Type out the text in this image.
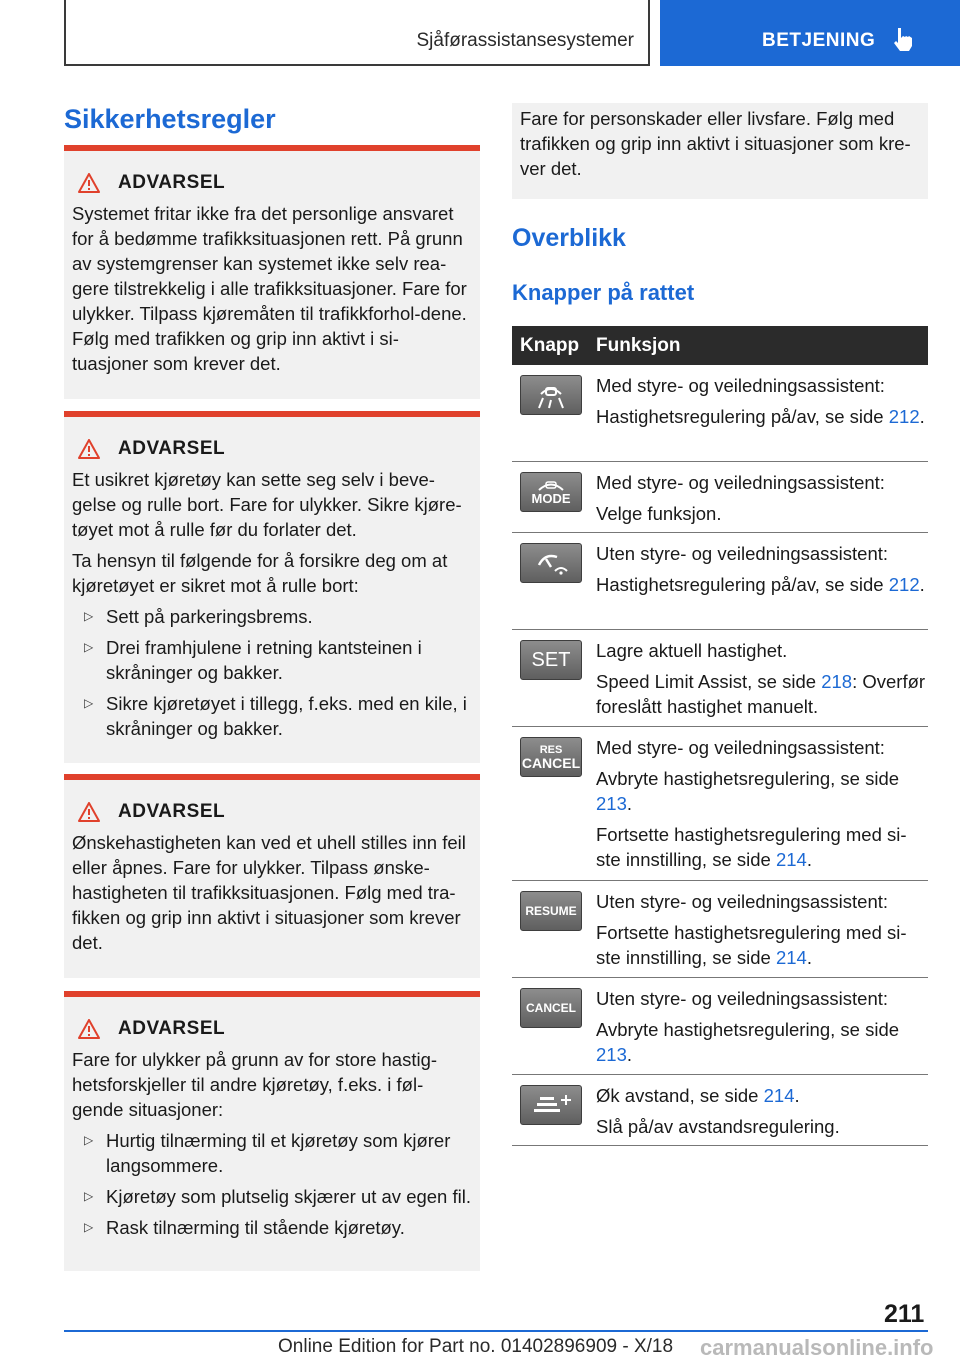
Sjåførassistansesystemer	BETJENING
Sikkerhetsregler
ADVARSEL

Systemet fritar ikke fra det personlige ansvaret for å bedømme trafikksituasjonen rett. På grunn av systemgrenser kan systemet ikke selv rea-gere tilstrekkelig i alle trafikksituasjoner. Fare for ulykker. Tilpass kjøremåten til trafikkforhol-dene. Følg med trafikken og grip inn aktivt i si-tuasjoner som krever det.

ADVARSEL

Et usikret kjøretøy kan sette seg selv i beve-gelse og rulle bort. Fare for ulykker. Sikre kjøre-tøyet mot å rulle før du forlater det.

Ta hensyn til følgende for å forsikre deg om at kjøretøyet er sikret mot å rulle bort:

▷ Sett på parkeringsbrems.
▷ Drei framhjulene i retning kantsteinen i skråninger og bakker.
▷ Sikre kjøretøyet i tillegg, f.eks. med en kile, i skråninger og bakker.
ADVARSEL

Ønskehastigheten kan ved et uhell stilles inn feil eller åpnes. Fare for ulykker. Tilpass ønske-hastigheten til trafikksituasjonen. Følg med tra-fikken og grip inn aktivt i situasjoner som krever det.

ADVARSEL

Fare for ulykker på grunn av for store hastig-hetsforskjeller til andre kjøretøy, f.eks. i føl-gende situasjoner:

▷ Hurtig tilnærming til et kjøretøy som kjører langsommere.
▷ Kjøretøy som plutselig skjærer ut av egen fil.
▷ Rask tilnærming til stående kjøretøy.

Fare for personskader eller livsfare. Følg med trafikken og grip inn aktivt i situasjoner som kre-ver det.

Overblikk
Knapper på rattet
Knapp Funksjon

Med styre- og veiledningsassistent:

Hastighetsregulering på/av, se side 212.

MODE

Med styre- og veiledningsassistent:

Velge funksjon.

Uten styre- og veiledningsassistent:

Hastighetsregulering på/av, se side 212.

SET Lagre aktuell hastighet.

Speed Limit Assist, se side 218: Overfør foreslått hastighet manuelt.

RES
CANCEL

Med styre- og veiledningsassistent:

Avbryte hastighetsregulering, se side 213.

Fortsette hastighetsregulering med si-ste innstilling, se side 214.

RESUME Uten styre- og veiledningsassistent:

Fortsette hastighetsregulering med si-ste innstilling, se side 214.

CANCEL Uten styre- og veiledningsassistent:

Avbryte hastighetsregulering, se side 213.

Øk avstand, se side 214.

Slå på/av avstandsregulering.

211
Online Edition for Part no. 01402896909 - X/18 carmanualsonline.info
